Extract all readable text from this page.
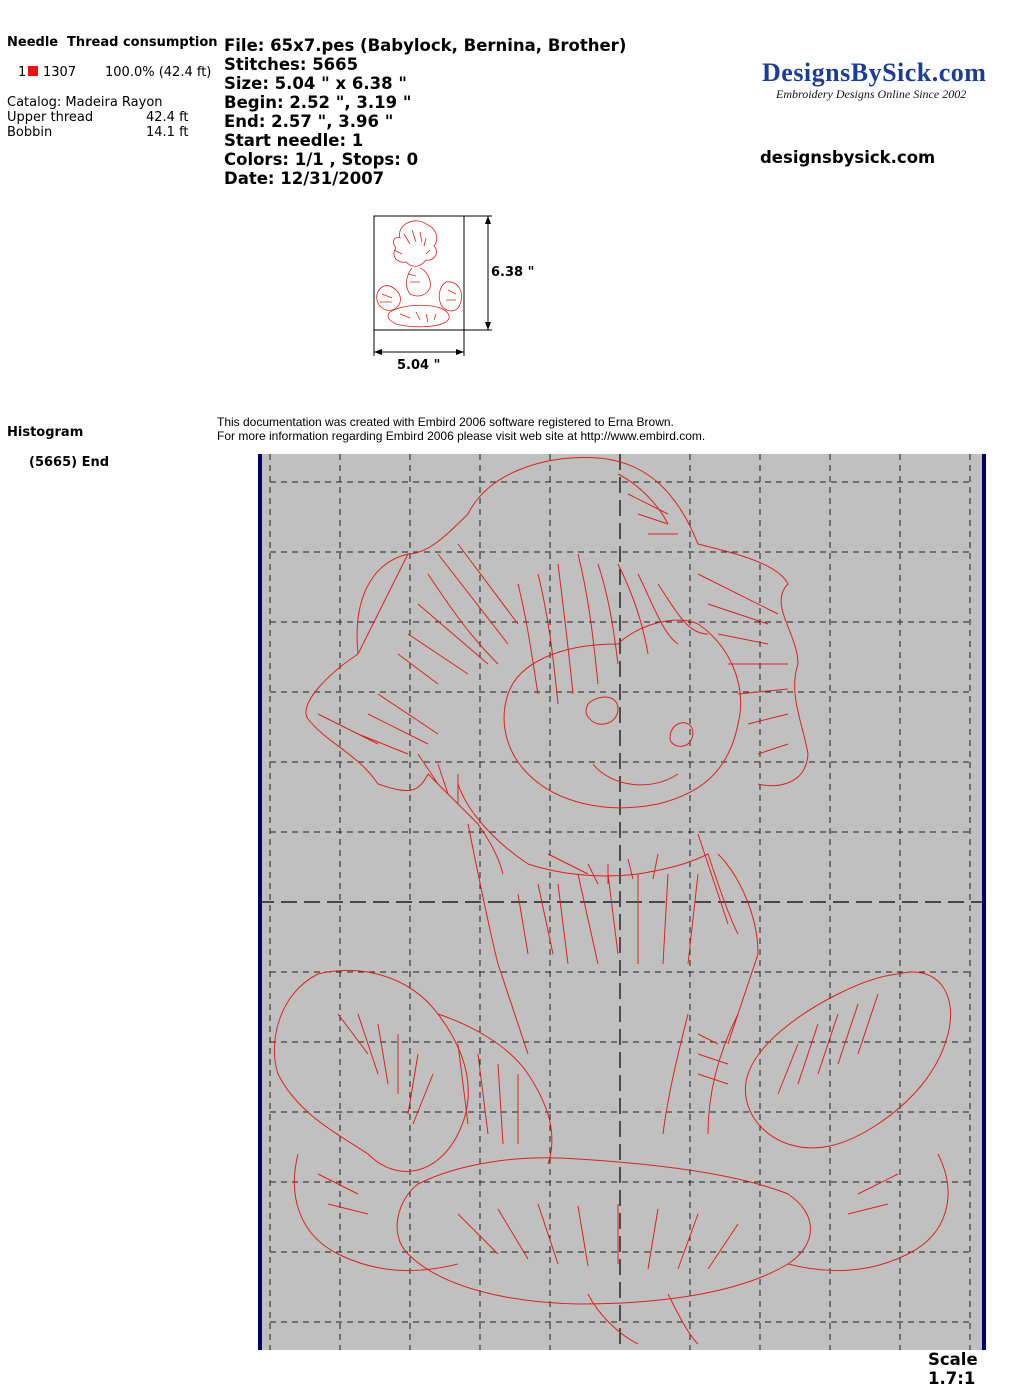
Needle Thread consumption
1 1307 100.0% (42.4 ft)
Catalog: Madeira Rayon
Upper thread	42.4 ft
Bobbin	14.1 ft
File: 65x7.pes (Babylock, Bernina, Brother)
Stitches: 5665
Size: 5.04 " x 6.38 "
Begin: 2.52 ", 3.19 "
End: 2.57 ", 3.96 "
Start needle: 1
Colors: 1/1 , Stops: 0
Date: 12/31/2007
DesignsBySick.com
Embroidery Designs Online Since 2002
designsbysick.com
6.38 "
5.04 "
Histogram
(5665) End
This documentation was created with Embird 2006 software registered to Erna Brown.
For more information regarding Embird 2006 please visit web site at http://www.embird.com.
Scale 1.7:1
